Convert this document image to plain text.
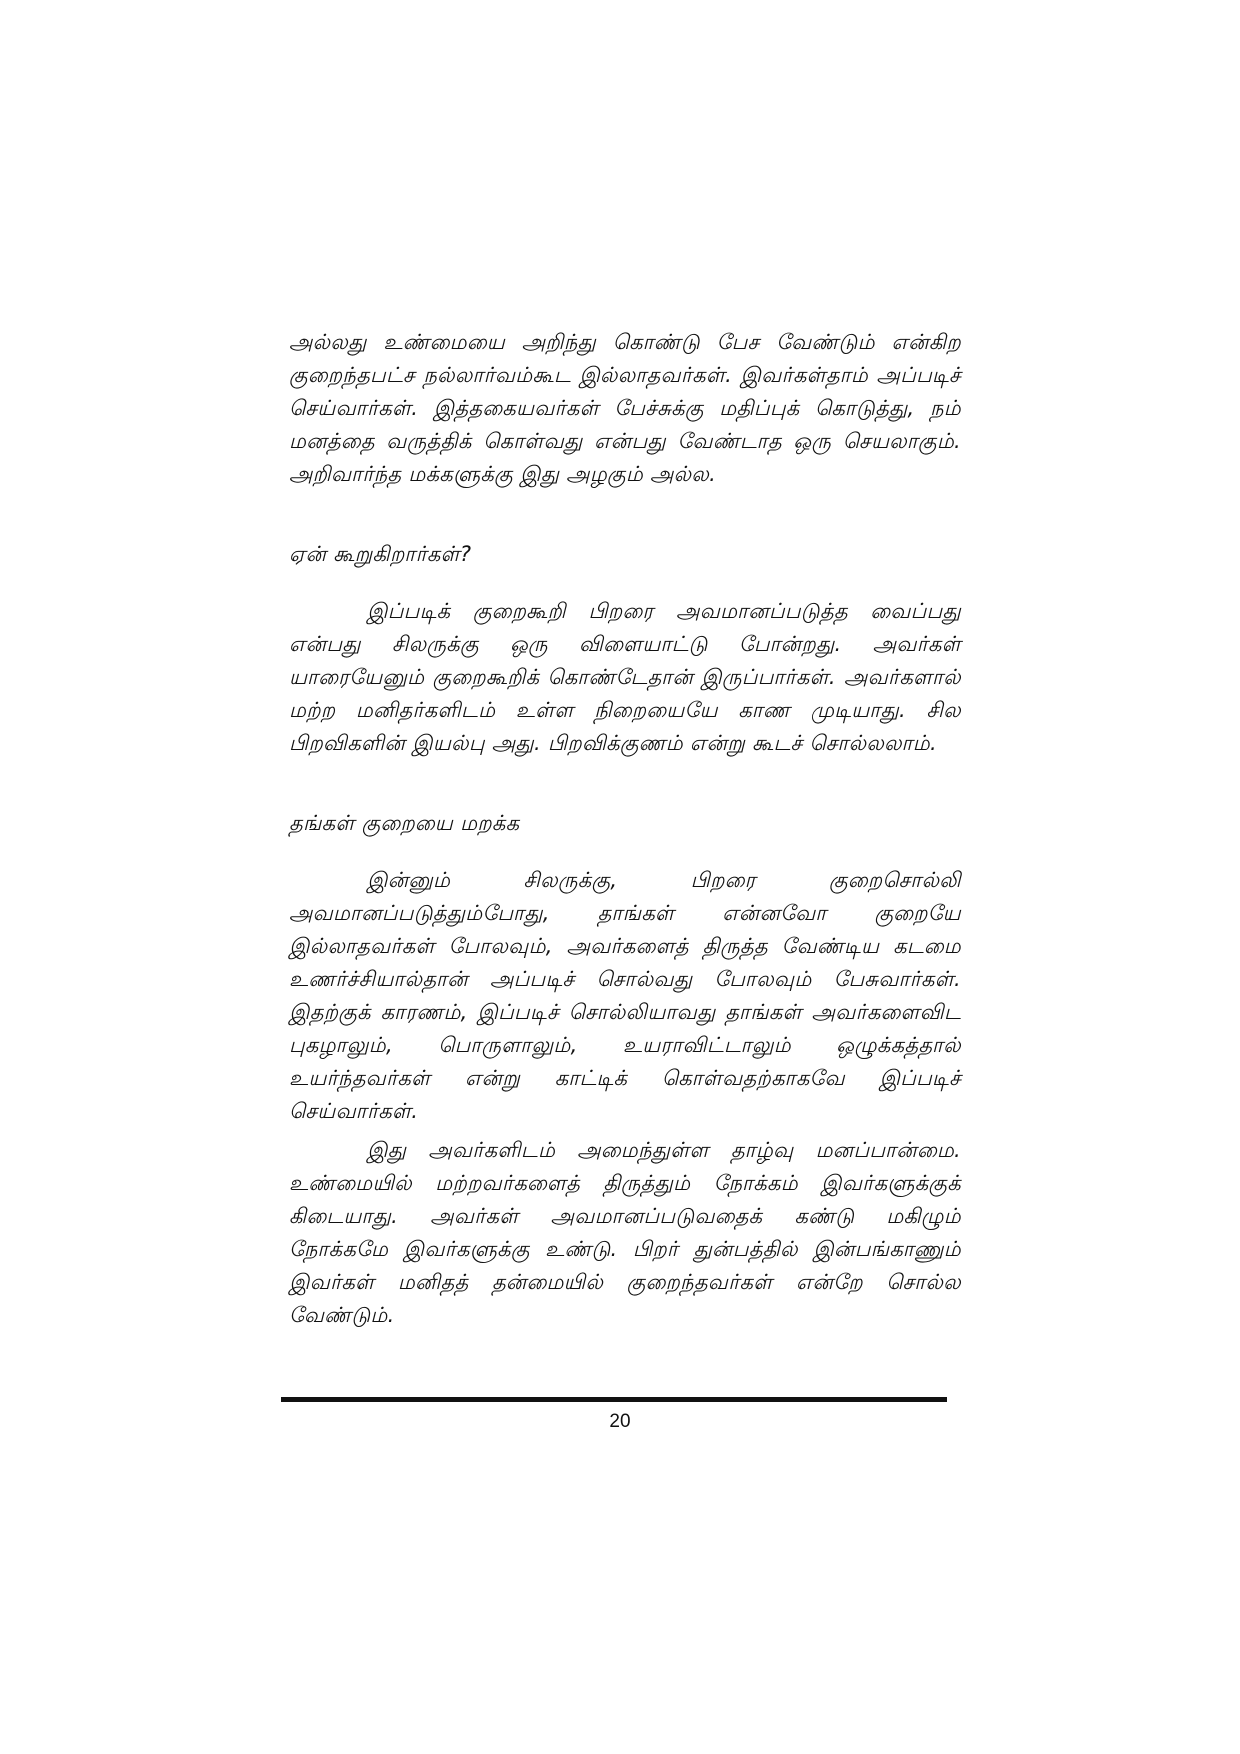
அல்லது உண்மையை அறிந்து கொண்டு பேச வேண்டும் என்கிற குறைந்தபட்ச நல்லார்வம்கூட இல்லாதவர்கள். இவர்கள்தாம் அப்படிச் செய்வார்கள். இத்தகையவர்கள் பேச்சுக்கு மதிப்புக் கொடுத்து, நம் மனத்தை வருத்திக் கொள்வது என்பது வேண்டாத ஒரு செயலாகும். அறிவார்ந்த மக்களுக்கு இது அழகும் அல்ல.
ஏன் கூறுகிறார்கள்?
இப்படிக் குறைகூறி பிறரை அவமானப்படுத்த வைப்பது என்பது சிலருக்கு ஒரு விளையாட்டு போன்றது. அவர்கள் யாரையேனும் குறைகூறிக் கொண்டேதான் இருப்பார்கள். அவர்களால் மற்ற மனிதர்களிடம் உள்ள நிறையையே காண முடியாது. சில பிறவிகளின் இயல்பு அது. பிறவிக்குணம் என்று கூடச் சொல்லலாம்.
தங்கள் குறையை மறக்க
இன்னும் சிலருக்கு, பிறரை குறைசொல்லி அவமானப்படுத்தும்போது, தாங்கள் என்னவோ குறையே இல்லாதவர்கள் போலவும், அவர்களைத் திருத்த வேண்டிய கடமை உணர்ச்சியால்தான் அப்படிச் சொல்வது போலவும் பேசுவார்கள். இதற்குக் காரணம், இப்படிச் சொல்லியாவது தாங்கள் அவர்களைவிட புகழாலும், பொருளாலும், உயராவிட்டாலும் ஒழுக்கத்தால் உயர்ந்தவர்கள் என்று காட்டிக் கொள்வதற்காகவே இப்படிச் செய்வார்கள்.
இது அவர்களிடம் அமைந்துள்ள தாழ்வு மனப்பான்மை. உண்மையில் மற்றவர்களைத் திருத்தும் நோக்கம் இவர்களுக்குக் கிடையாது. அவர்கள் அவமானப்படுவதைக் கண்டு மகிழும் நோக்கமே இவர்களுக்கு உண்டு. பிறர் துன்பத்தில் இன்பங்காணும் இவர்கள் மனிதத் தன்மையில் குறைந்தவர்கள் என்றே சொல்ல வேண்டும்.
20
